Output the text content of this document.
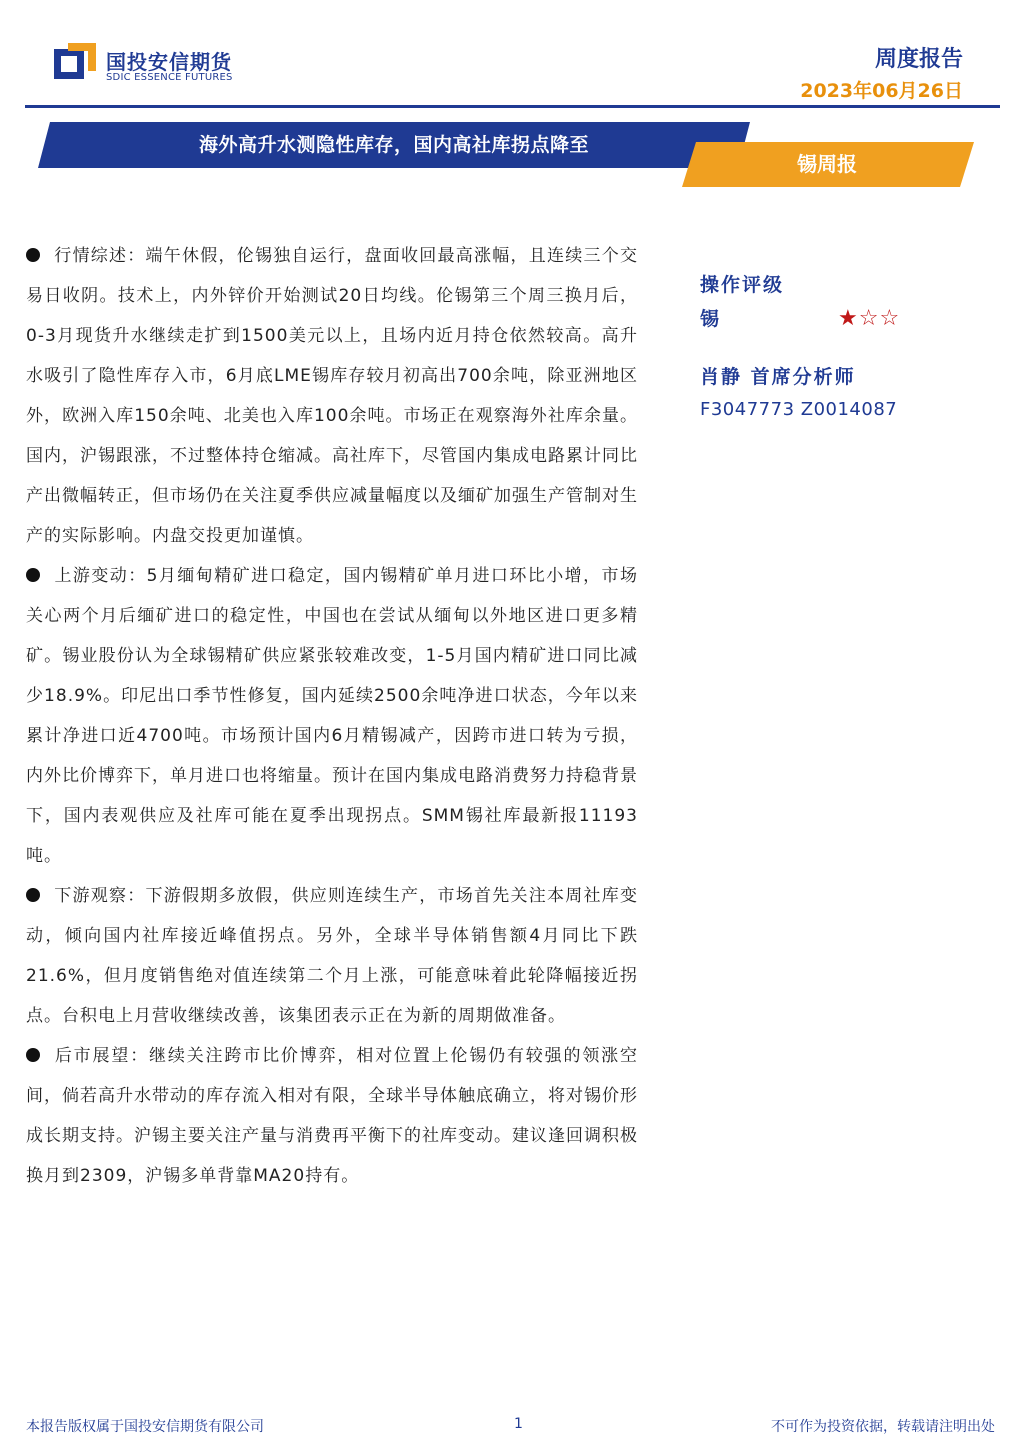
国投安信期货
SDIC ESSENCE FUTURES
周度报告
2023年06月26日
海外高升水测隐性库存，国内高社库拐点降至
锡周报

行情综述：端午休假，伦锡独自运行，盘面收回最高涨幅，且连续三个交易日收阴。技术上，内外锌价开始测试20日均线。伦锡第三个周三换月后，0-3月现货升水继续走扩到1500美元以上，且场内近月持仓依然较高。高升水吸引了隐性库存入市，6月底LME锡库存较月初高出700余吨，除亚洲地区外，欧洲入库150余吨、北美也入库100余吨。市场正在观察海外社库余量。国内，沪锡跟涨，不过整体持仓缩减。高社库下，尽管国内集成电路累计同比产出微幅转正，但市场仍在关注夏季供应减量幅度以及缅矿加强生产管制对生产的实际影响。内盘交投更加谨慎。

上游变动：5月缅甸精矿进口稳定，国内锡精矿单月进口环比小增，市场关心两个月后缅矿进口的稳定性，中国也在尝试从缅甸以外地区进口更多精矿。锡业股份认为全球锡精矿供应紧张较难改变，1-5月国内精矿进口同比减少18.9%。印尼出口季节性修复，国内延续2500余吨净进口状态，今年以来累计净进口近4700吨。市场预计国内6月精锡减产，因跨市进口转为亏损，内外比价博弈下，单月进口也将缩量。预计在国内集成电路消费努力持稳背景下，国内表观供应及社库可能在夏季出现拐点。SMM锡社库最新报11193吨。

下游观察：下游假期多放假，供应则连续生产，市场首先关注本周社库变动，倾向国内社库接近峰值拐点。另外，全球半导体销售额4月同比下跌21.6%，但月度销售绝对值连续第二个月上涨，可能意味着此轮降幅接近拐点。台积电上月营收继续改善，该集团表示正在为新的周期做准备。

后市展望：继续关注跨市比价博弈，相对位置上伦锡仍有较强的领涨空间，倘若高升水带动的库存流入相对有限，全球半导体触底确立，将对锡价形成长期支持。沪锡主要关注产量与消费再平衡下的社库变动。建议逢回调积极换月到2309，沪锡多单背靠MA20持有。

操作评级
锡	★☆☆
肖静 首席分析师
F3047773 Z0014087
本报告版权属于国投安信期货有限公司	1	不可作为投资依据，转载请注明出处
